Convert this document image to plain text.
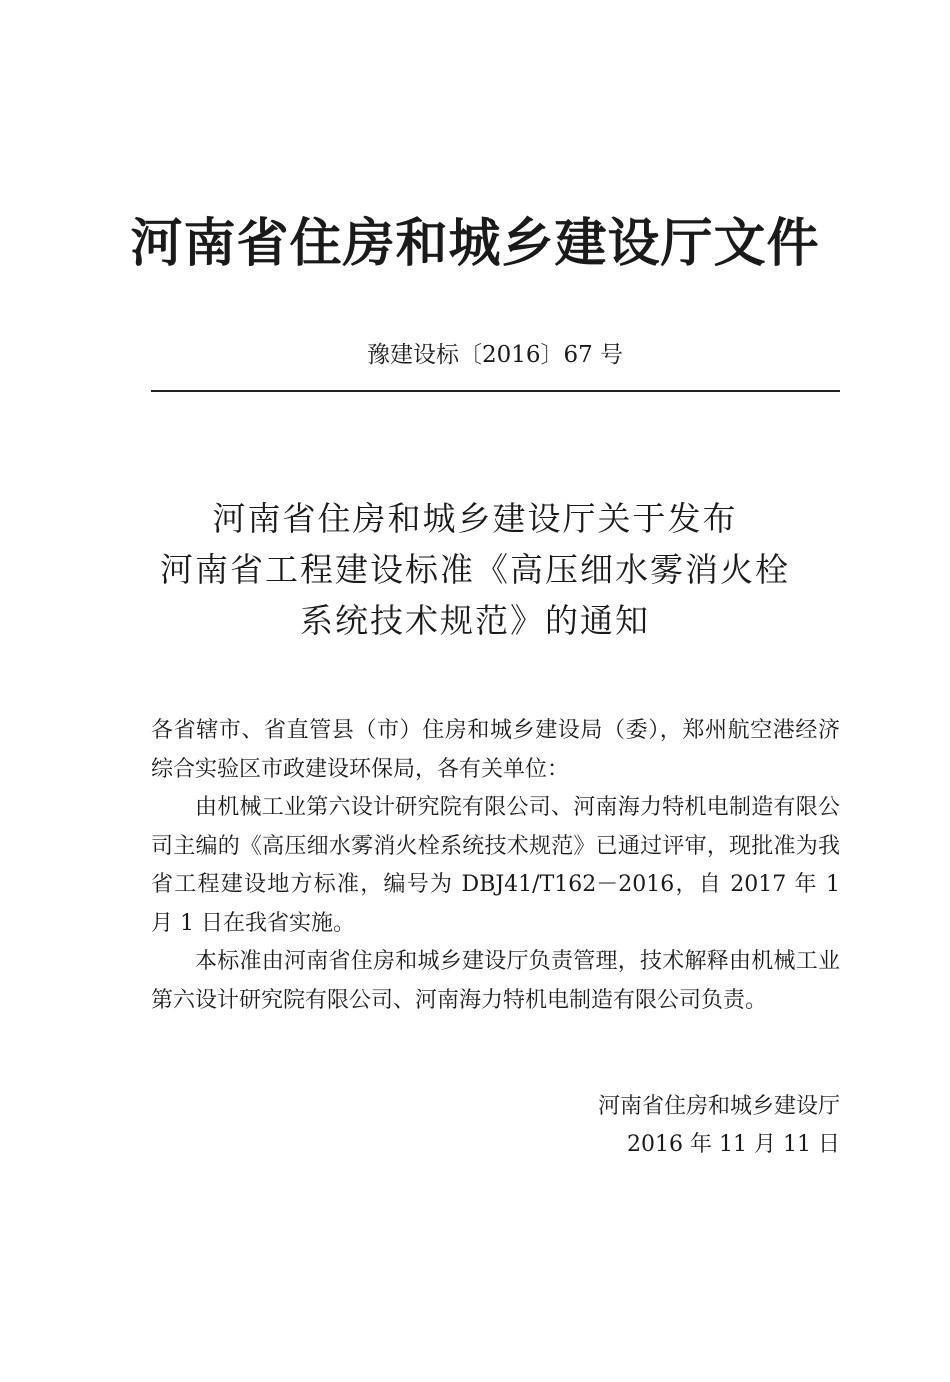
河南省住房和城乡建设厅文件
豫建设标〔2016〕67 号
河南省住房和城乡建设厅关于发布
河南省工程建设标准《高压细水雾消火栓
系统技术规范》的通知

各省辖市、省直管县（市）住房和城乡建设局（委），郑州航空港经济综合实验区市政建设环保局，各有关单位：

由机械工业第六设计研究院有限公司、河南海力特机电制造有限公司主编的《高压细水雾消火栓系统技术规范》已通过评审，现批准为我省工程建设地方标准，编号为 DBJ41/T162－2016，自 2017 年 1 月 1 日在我省实施。

本标准由河南省住房和城乡建设厅负责管理，技术解释由机械工业第六设计研究院有限公司、河南海力特机电制造有限公司负责。

河南省住房和城乡建设厅
2016 年 11 月 11 日
